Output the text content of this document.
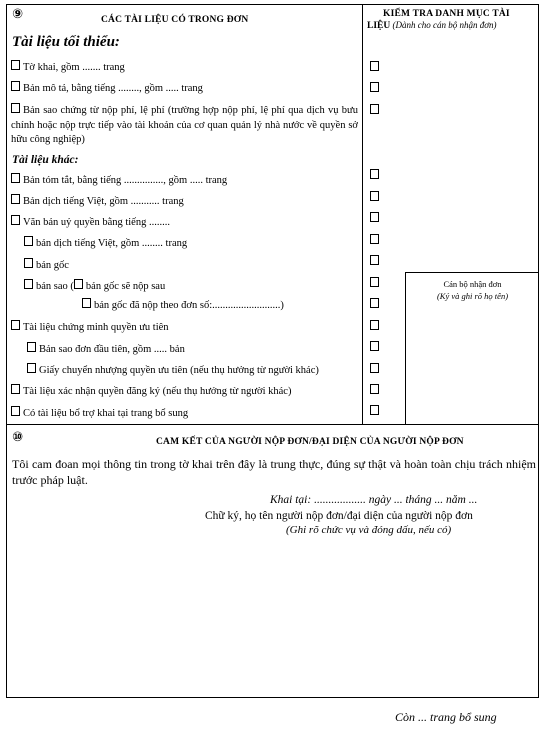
⑨	CÁC TÀI LIỆU CÓ TRONG ĐƠN
Tài liệu tối thiểu:
Tờ khai, gồm ....... trang
Bản mô tả, bằng tiếng ........, gồm ..... trang
Bản sao chứng từ nộp phí, lệ phí (trường hợp nộp phí, lệ phí qua dịch vụ bưu chính hoặc nộp trực tiếp vào tài khoản của cơ quan quản lý nhà nước về quyền sở hữu công nghiệp)
Tài liệu khác:
Bản tóm tắt, bằng tiếng ..............., gồm ..... trang
Bản dịch tiếng Việt, gồm ........... trang
Văn bản uỷ quyền bằng tiếng ........
bản dịch tiếng Việt, gồm ........ trang
bản gốc
bản sao ( bản gốc sẽ nộp sau
bản gốc đã nộp theo đơn số:..........................)
Tài liệu chứng minh quyền ưu tiên
Bản sao đơn đầu tiên, gồm ..... bản
Giấy chuyển nhượng quyền ưu tiên (nếu thụ hưởng từ người khác)
Tài liệu xác nhận quyền đăng ký (nếu thụ hưởng từ người khác)
Có tài liệu bổ trợ khai tại trang bổ sung
KIỂM TRA DANH MỤC TÀI
LIỆU (Dành cho cán bộ nhận đơn)
Cán bộ nhận đơn
(Ký và ghi rõ họ tên)
⑩	CAM KẾT CỦA NGƯỜI NỘP ĐƠN/ĐẠI DIỆN CỦA NGƯỜI NỘP ĐƠN
Tôi cam đoan mọi thông tin trong tờ khai trên đây là trung thực, đúng sự thật và hoàn toàn chịu trách nhiệm trước pháp luật.
Khai tại: .................. ngày ... tháng ... năm ...
Chữ ký, họ tên người nộp đơn/đại diện của người nộp đơn
(Ghi rõ chức vụ và đóng dấu, nếu có)
Còn ... trang bổ sung
